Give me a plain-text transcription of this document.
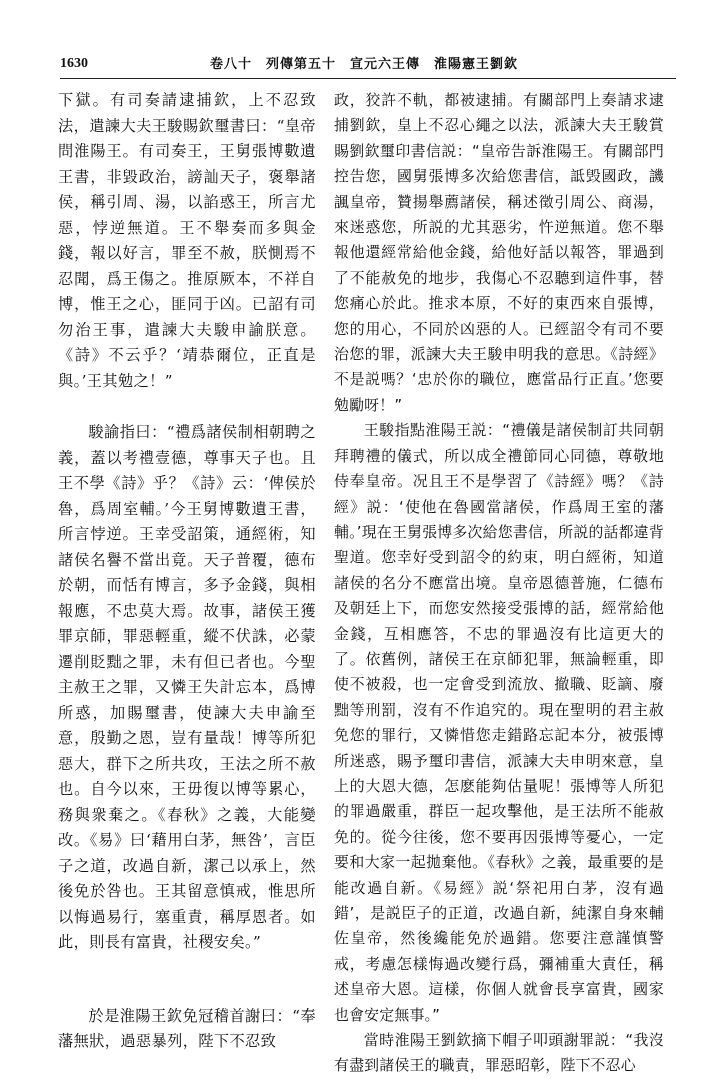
1630	卷八十　列傳第五十　宣元六王傳　淮陽憲王劉欽

下獄。有司奏請逮捕欽，上不忍致法，遣諫大夫王駿賜欽璽書曰：“皇帝問淮陽王。有司奏王，王舅張博數遺王書，非毀政治，謗訕天子，褒舉諸侯，稱引周、湯，以諂惑王，所言尤惡，悖逆無道。王不舉奏而多與金錢，報以好言，罪至不赦，朕惻焉不忍聞，爲王傷之。推原厥本，不祥自博，惟王之心，匪同于凶。已詔有司勿治王事，遣諫大夫駿申諭朕意。《詩》不云乎？‘靖恭爾位，正直是與。’王其勉之！”

駿諭指曰：“禮爲諸侯制相朝聘之義，蓋以考禮壹德，尊事天子也。且王不學《詩》乎？《詩》云：‘俾侯於魯，爲周室輔。’今王舅博數遺王書，所言悖逆。王幸受詔策，通經術，知諸侯名譽不當出竟。天子普覆，德布於朝，而恬有博言，多予金錢，與相報應，不忠莫大焉。故事，諸侯王獲罪京師，罪惡輕重，縱不伏誅，必蒙遷削貶黜之罪，未有但已者也。今聖主赦王之罪，又憐王失計忘本，爲博所惑，加賜璽書，使諫大夫申諭至意，殷勤之恩，豈有量哉！博等所犯惡大，群下之所共攻，王法之所不赦也。自今以來，王毋復以博等累心，務與衆棄之。《春秋》之義，大能變改。《易》曰‘藉用白茅，無咎’，言臣子之道，改過自新，潔己以承上，然後免於咎也。王其留意慎戒，惟思所以悔過易行，塞重責，稱厚恩者。如此，則長有富貴，社稷安矣。”

於是淮陽王欽免冠稽首謝曰：“奉藩無狀，過惡暴列，陛下不忍致

政，狡許不軌，都被逮捕。有關部門上奏請求逮捕劉欽，皇上不忍心繩之以法，派諫大夫王駿賞賜劉欽璽印書信説：“皇帝告訴淮陽王。有關部門控告您，國舅張博多次給您書信，詆毁國政，譏諷皇帝，贊揚舉薦諸侯，稱述徵引周公、商湯，來迷惑您，所説的尤其惡劣，忤逆無道。您不舉報他還經常給他金錢，給他好話以報答，罪過到了不能赦免的地步，我傷心不忍聽到這件事，替您痛心於此。推求本原，不好的東西來自張博，您的用心，不同於凶惡的人。已經詔令有司不要治您的罪，派諫大夫王駿申明我的意思。《詩經》不是説嗎？‘忠於你的職位，應當品行正直。’您要勉勵呀！”

王駿指點淮陽王説：“禮儀是諸侯制訂共同朝拜聘禮的儀式，所以成全禮節同心同德，尊敬地侍奉皇帝。况且王不是學習了《詩經》嗎？《詩經》説：‘使他在魯國當諸侯，作爲周王室的藩輔。’現在王舅張博多次給您書信，所説的話都違背聖道。您幸好受到詔令的約束，明白經術，知道諸侯的名分不應當出境。皇帝恩德普施，仁德布及朝廷上下，而您安然接受張博的話，經常給他金錢，互相應答，不忠的罪過沒有比這更大的了。依舊例，諸侯王在京師犯罪，無論輕重，即使不被殺，也一定會受到流放、撤職、貶謫、廢黜等刑罰，沒有不作追究的。現在聖明的君主赦免您的罪行，又憐惜您走錯路忘記本分，被張博所迷惑，賜予璽印書信，派諫大夫申明來意，皇上的大恩大德，怎麽能夠估量呢！張博等人所犯的罪過嚴重，群臣一起攻擊他，是王法所不能赦免的。從今往後，您不要再因張博等憂心，一定要和大家一起拋棄他。《春秋》之義，最重要的是能改過自新。《易經》説‘祭祀用白茅，沒有過錯’，是説臣子的正道，改過自新，純潔自身來輔佐皇帝，然後纔能免於過錯。您要注意謹慎警戒，考慮怎樣悔過改變行爲，彌補重大責任，稱述皇帝大恩。這樣，你個人就會長享富貴，國家也會安定無事。”

當時淮陽王劉欽摘下帽子叩頭謝罪説：“我沒有盡到諸侯王的職責，罪惡昭彰，陛下不忍心
